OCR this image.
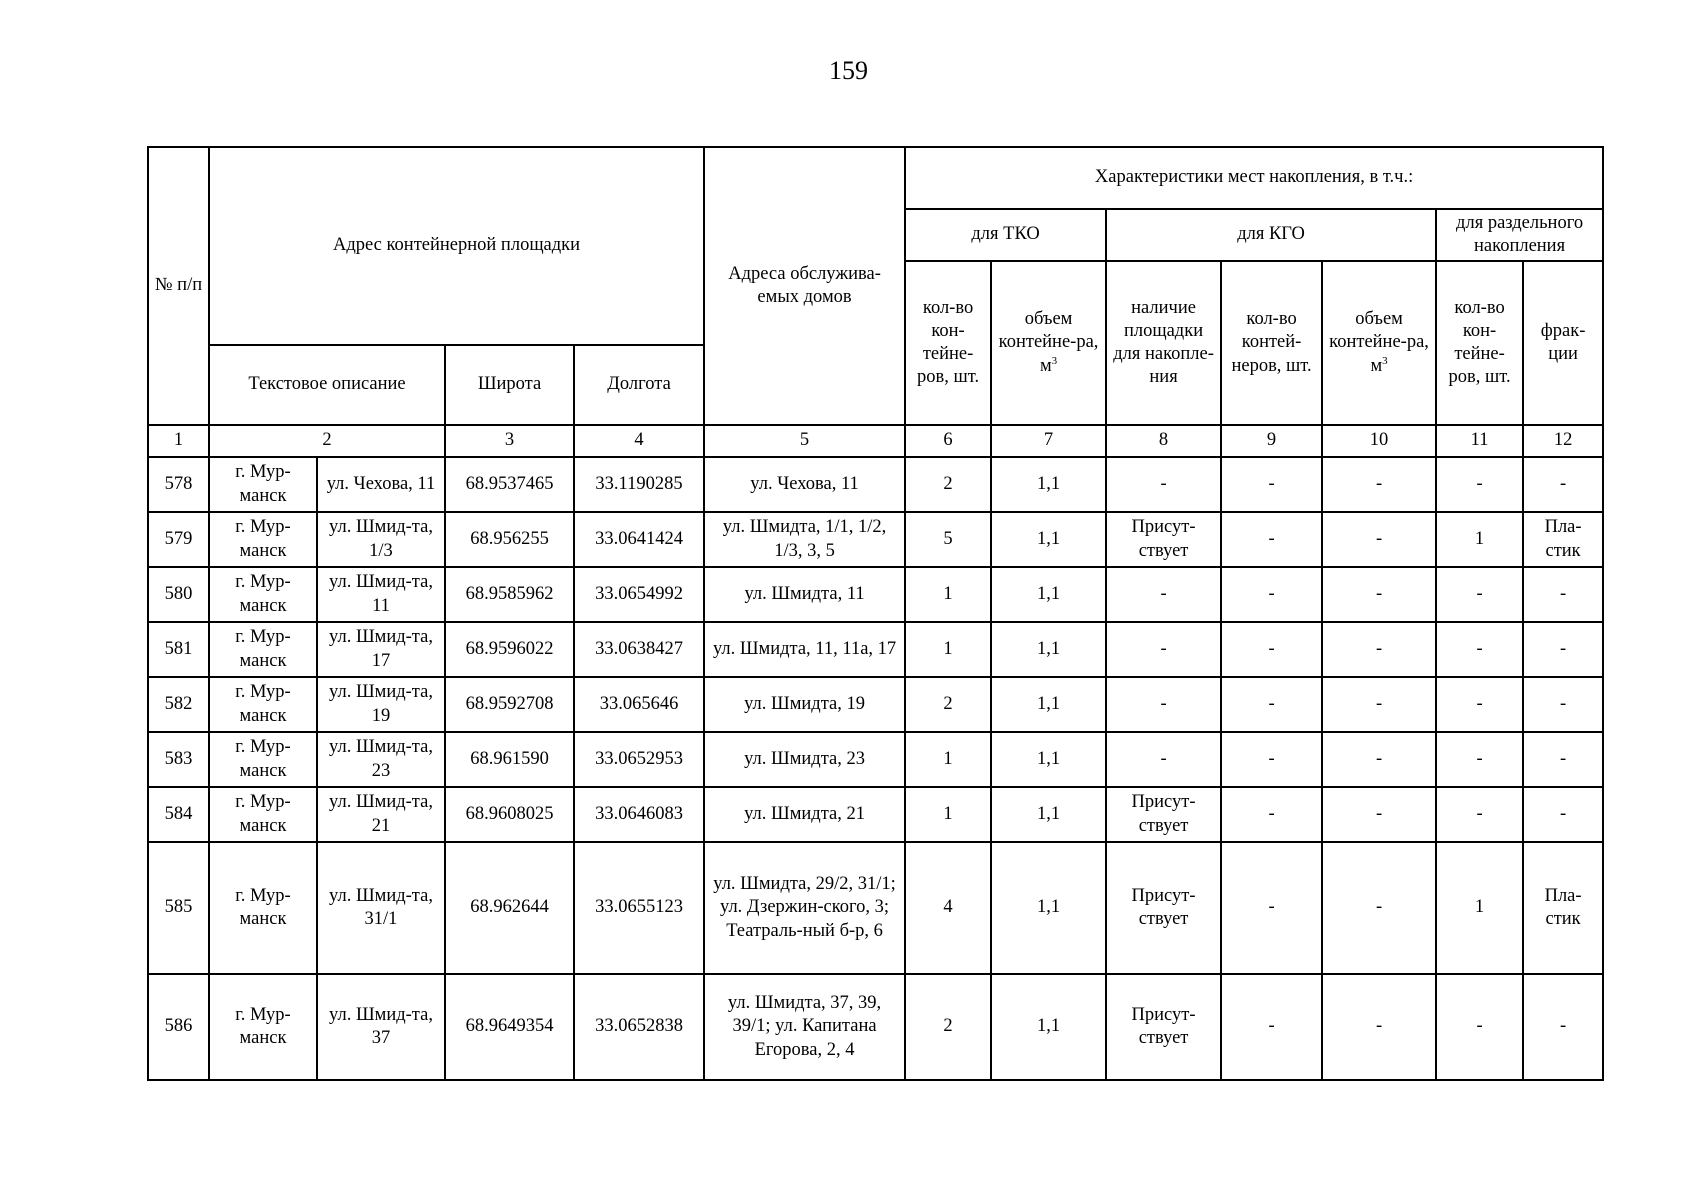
159
№ п/п	Адрес контейнерной площадки				Адреса обслужива-емых домов	Характеристики мест накопления, в т.ч.:						
						для ТКО		для КГО			для раздельного накопления	
						кол-во кон-тейне-ров, шт.	объем контейне-ра, $м^3$	наличие площадки для накопле-ния	кол-во контей-неров, шт.	объем контейне-ра, $м^3$	кол-во кон-тейне-ров, шт.	фрак-ции
	Текстовое описание		Широта	Долгота								
1	2		3	4	5	6	7	8	9	10	11	12
578	г. Мур-манск	ул. Чехова, 11	68.9537465	33.1190285	ул. Чехова, 11	2	1,1	-	-	-	-	-
579	г. Мур-манск	ул. Шмид-та, 1/3	68.956255	33.0641424	ул. Шмидта, 1/1, 1/2, 1/3, 3, 5	5	1,1	Присут-ствует	-	-	1	Пла-стик
580	г. Мур-манск	ул. Шмид-та, 11	68.9585962	33.0654992	ул. Шмидта, 11	1	1,1	-	-	-	-	-
581	г. Мур-манск	ул. Шмид-та, 17	68.9596022	33.0638427	ул. Шмидта, 11, 11а, 17	1	1,1	-	-	-	-	-
582	г. Мур-манск	ул. Шмид-та, 19	68.9592708	33.065646	ул. Шмидта, 19	2	1,1	-	-	-	-	-
583	г. Мур-манск	ул. Шмид-та, 23	68.961590	33.0652953	ул. Шмидта, 23	1	1,1	-	-	-	-	-
584	г. Мур-манск	ул. Шмид-та, 21	68.9608025	33.0646083	ул. Шмидта, 21	1	1,1	Присут-ствует	-	-	-	-
585	г. Мур-манск	ул. Шмид-та, 31/1	68.962644	33.0655123	ул. Шмидта, 29/2, 31/1; ул. Дзержин-ского, 3; Театраль-ный б-р, 6	4	1,1	Присут-ствует	-	-	1	Пла-стик
586	г. Мур-манск	ул. Шмид-та, 37	68.9649354	33.0652838	ул. Шмидта, 37, 39, 39/1; ул. Капитана Егорова, 2, 4	2	1,1	Присут-ствует	-	-	-	-
